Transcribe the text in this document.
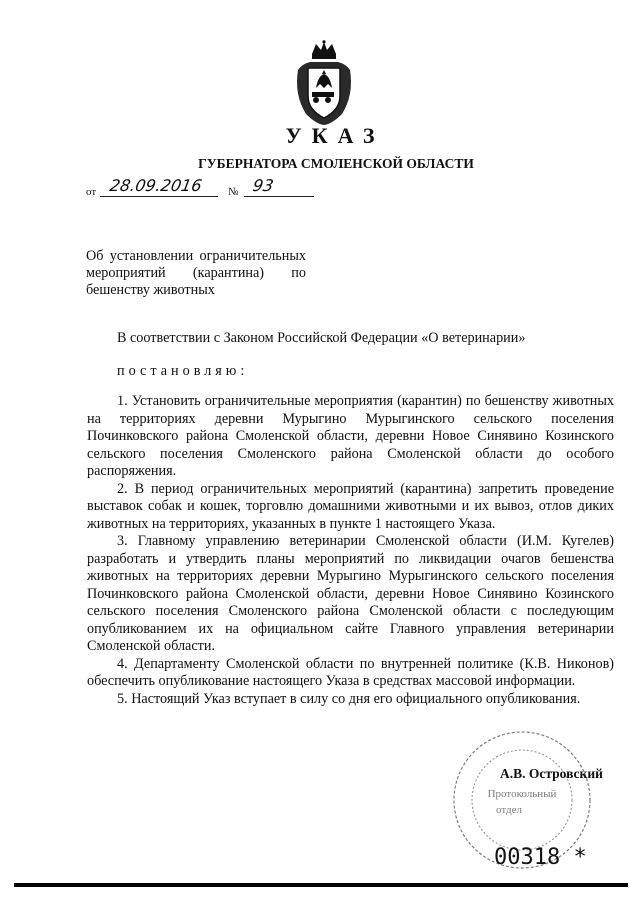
УКАЗ
ГУБЕРНАТОРА СМОЛЕНСКОЙ ОБЛАСТИ
от 28.09.2016 № 93
Об установлении ограничительных мероприятий (карантина) по бешенству животных
В соответствии с Законом Российской Федерации «О ветеринарии»
постановляю:

1. Установить ограничительные мероприятия (карантин) по бешенству животных на территориях деревни Мурыгино Мурыгинского сельского поселения Починковского района Смоленской области, деревни Новое Синявино Козинского сельского поселения Смоленского района Смоленской области до особого распоряжения.

2. В период ограничительных мероприятий (карантина) запретить проведение выставок собак и кошек, торговлю домашними животными и их вывоз, отлов диких животных на территориях, указанных в пункте 1 настоящего Указа.

3. Главному управлению ветеринарии Смоленской области (И.М. Кугелев) разработать и утвердить планы мероприятий по ликвидации очагов бешенства животных на территориях деревни Мурыгино Мурыгинского сельского поселения Починковского района Смоленской области, деревни Новое Синявино Козинского сельского поселения Смоленского района Смоленской области с последующим опубликованием их на официальном сайте Главного управления ветеринарии Смоленской области.

4. Департаменту Смоленской области по внутренней политике (К.В. Никонов) обеспечить опубликование настоящего Указа в средствах массовой информации.

5. Настоящий Указ вступает в силу со дня его официального опубликования.

Протокольный
отдел
А.В. Островский
00318 *
